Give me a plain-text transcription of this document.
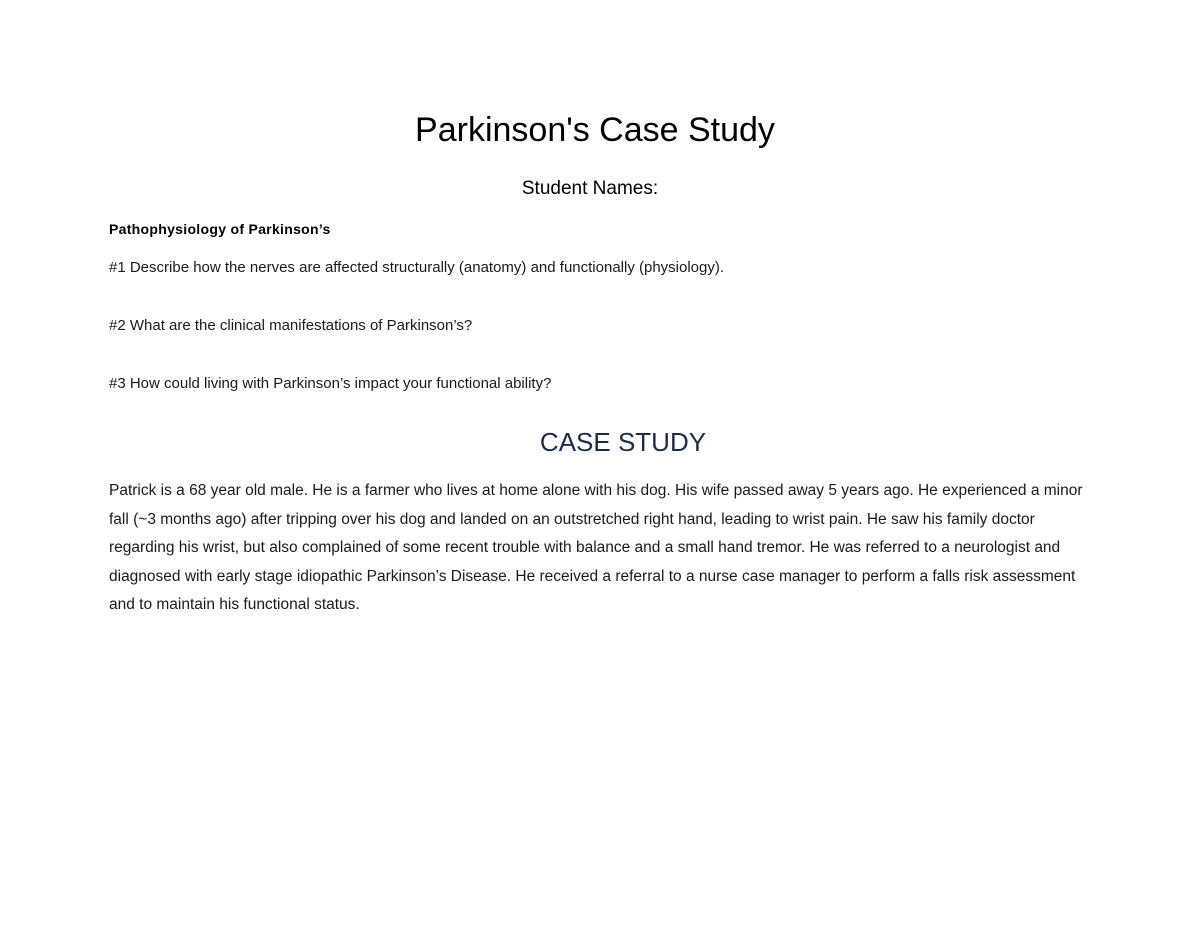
Parkinson's Case Study

Student Names:

Pathophysiology of Parkinson’s

#1 Describe how the nerves are affected structurally (anatomy) and functionally (physiology).

#2 What are the clinical manifestations of Parkinson’s?

#3 How could living with Parkinson’s impact your functional ability?

CASE STUDY

Patrick is a 68 year old male. He is a farmer who lives at home alone with his dog. His wife passed away 5 years ago. He experienced a minor fall (~3 months ago) after tripping over his dog and landed on an outstretched right hand, leading to wrist pain. He saw his family doctor regarding his wrist, but also complained of some recent trouble with balance and a small hand tremor. He was referred to a neurologist and diagnosed with early stage idiopathic Parkinson’s Disease. He received a referral to a nurse case manager to perform a falls risk assessment and to maintain his functional status.
